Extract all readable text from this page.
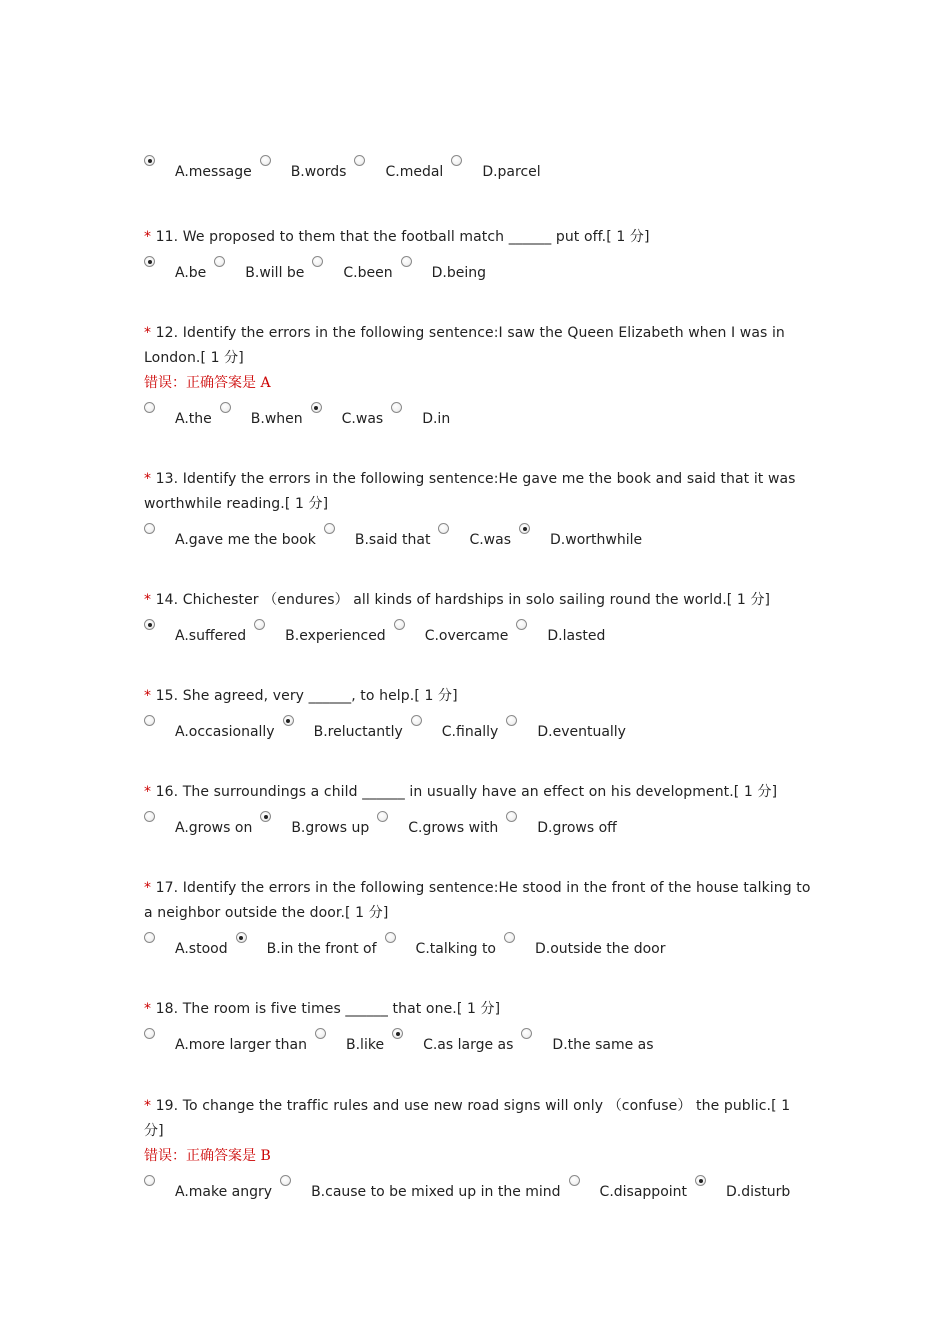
A.message	B.words	C.medal	D.parcel
* 11. We proposed to them that the football match ______ put off.[ 1 分]
A.be	B.will be	C.been	D.being
* 12. Identify the errors in the following sentence:I saw the Queen Elizabeth when I was in London.[ 1 分]
错误：正确答案是 A
A.the	B.when	C.was	D.in
* 13. Identify the errors in the following sentence:He gave me the book and said that it was worthwhile reading.[ 1 分]
A.gave me the book	B.said that	C.was	D.worthwhile
* 14. Chichester （endures） all kinds of hardships in solo sailing round the world.[ 1 分]
A.suffered	B.experienced	C.overcame	D.lasted
* 15. She agreed, very ______, to help.[ 1 分]
A.occasionally	B.reluctantly	C.finally	D.eventually
* 16. The surroundings a child ______ in usually have an effect on his development.[ 1 分]
A.grows on	B.grows up	C.grows with	D.grows off
* 17. Identify the errors in the following sentence:He stood in the front of the house talking to a neighbor outside the door.[ 1 分]
A.stood	B.in the front of	C.talking to	D.outside the door
* 18. The room is five times ______ that one.[ 1 分]
A.more larger than	B.like	C.as large as	D.the same as
* 19. To change the traffic rules and use new road signs will only （confuse） the public.[ 1 分]
错误：正确答案是 B
A.make angry	B.cause to be mixed up in the mind	C.disappoint	D.disturb
